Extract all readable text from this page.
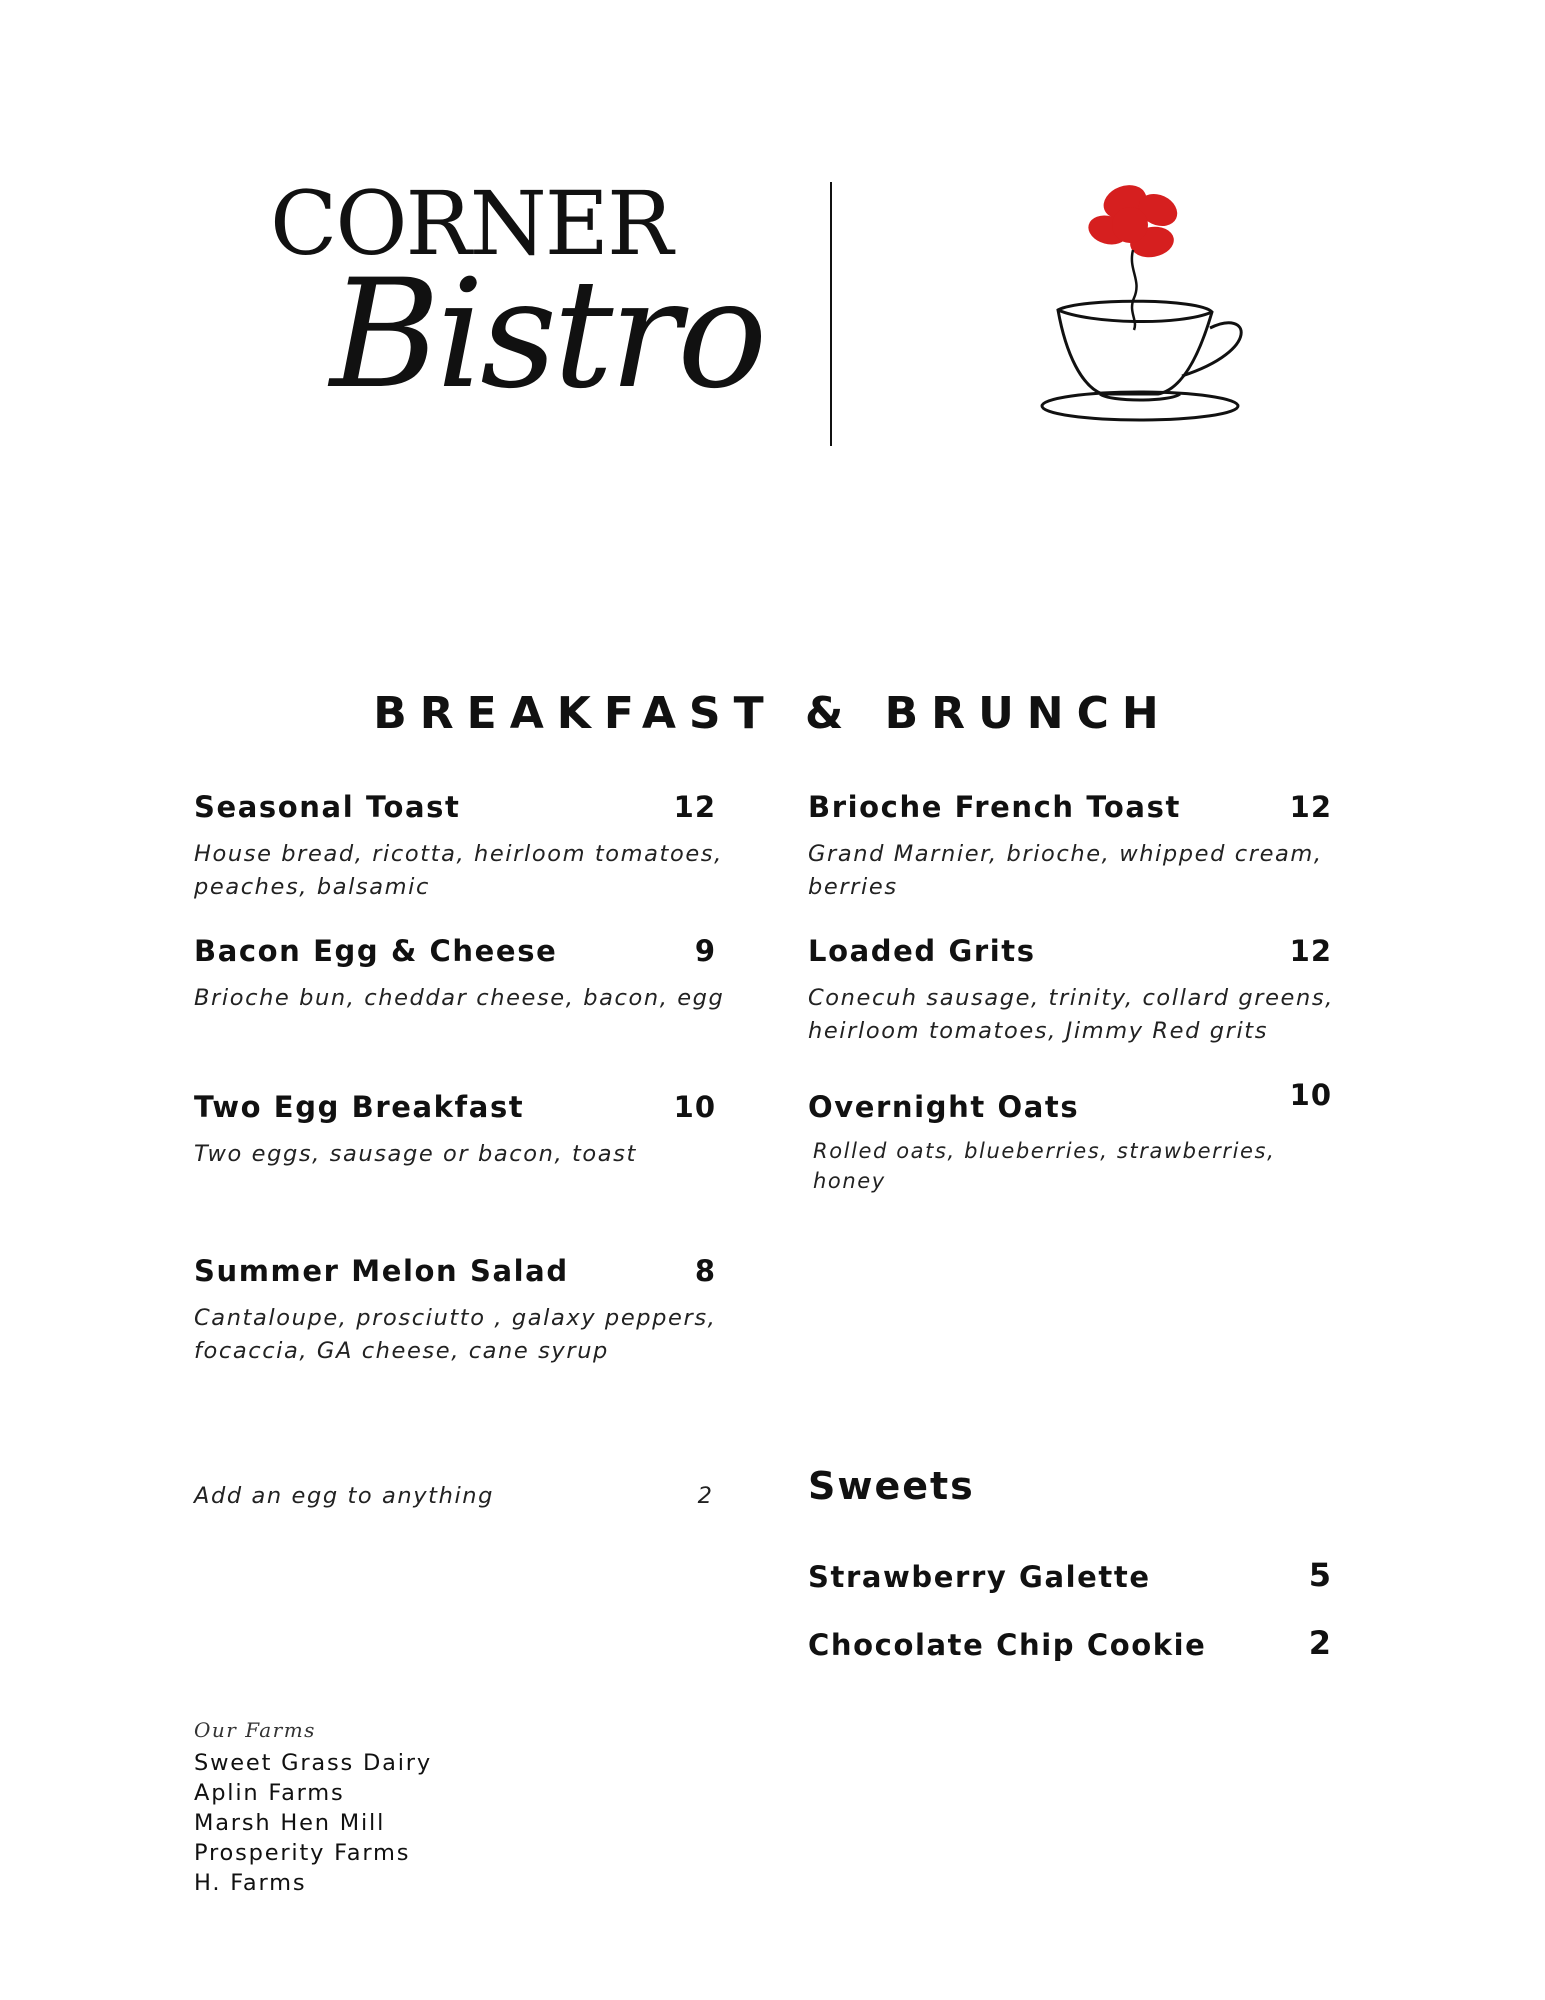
CORNER
Bistro
BREAKFAST & BRUNCH
Seasonal Toast	12
House bread, ricotta, heirloom tomatoes,
peaches, balsamic
Bacon Egg & Cheese	9
Brioche bun, cheddar cheese, bacon, egg
Two Egg Breakfast	10
Two eggs, sausage or bacon, toast
Summer Melon Salad	8
Cantaloupe, prosciutto , galaxy peppers,
focaccia, GA cheese, cane syrup
Brioche French Toast	12
Grand Marnier, brioche, whipped cream,
berries
Loaded Grits	12
Conecuh sausage, trinity, collard greens,
heirloom tomatoes, Jimmy Red grits
Overnight Oats	10
Rolled oats, blueberries, strawberries,
honey
Add an egg to anything	2	Sweets
Strawberry Galette	5
Chocolate Chip Cookie	2
Our Farms
Sweet Grass Dairy
Aplin Farms
Marsh Hen Mill
Prosperity Farms
H. Farms
